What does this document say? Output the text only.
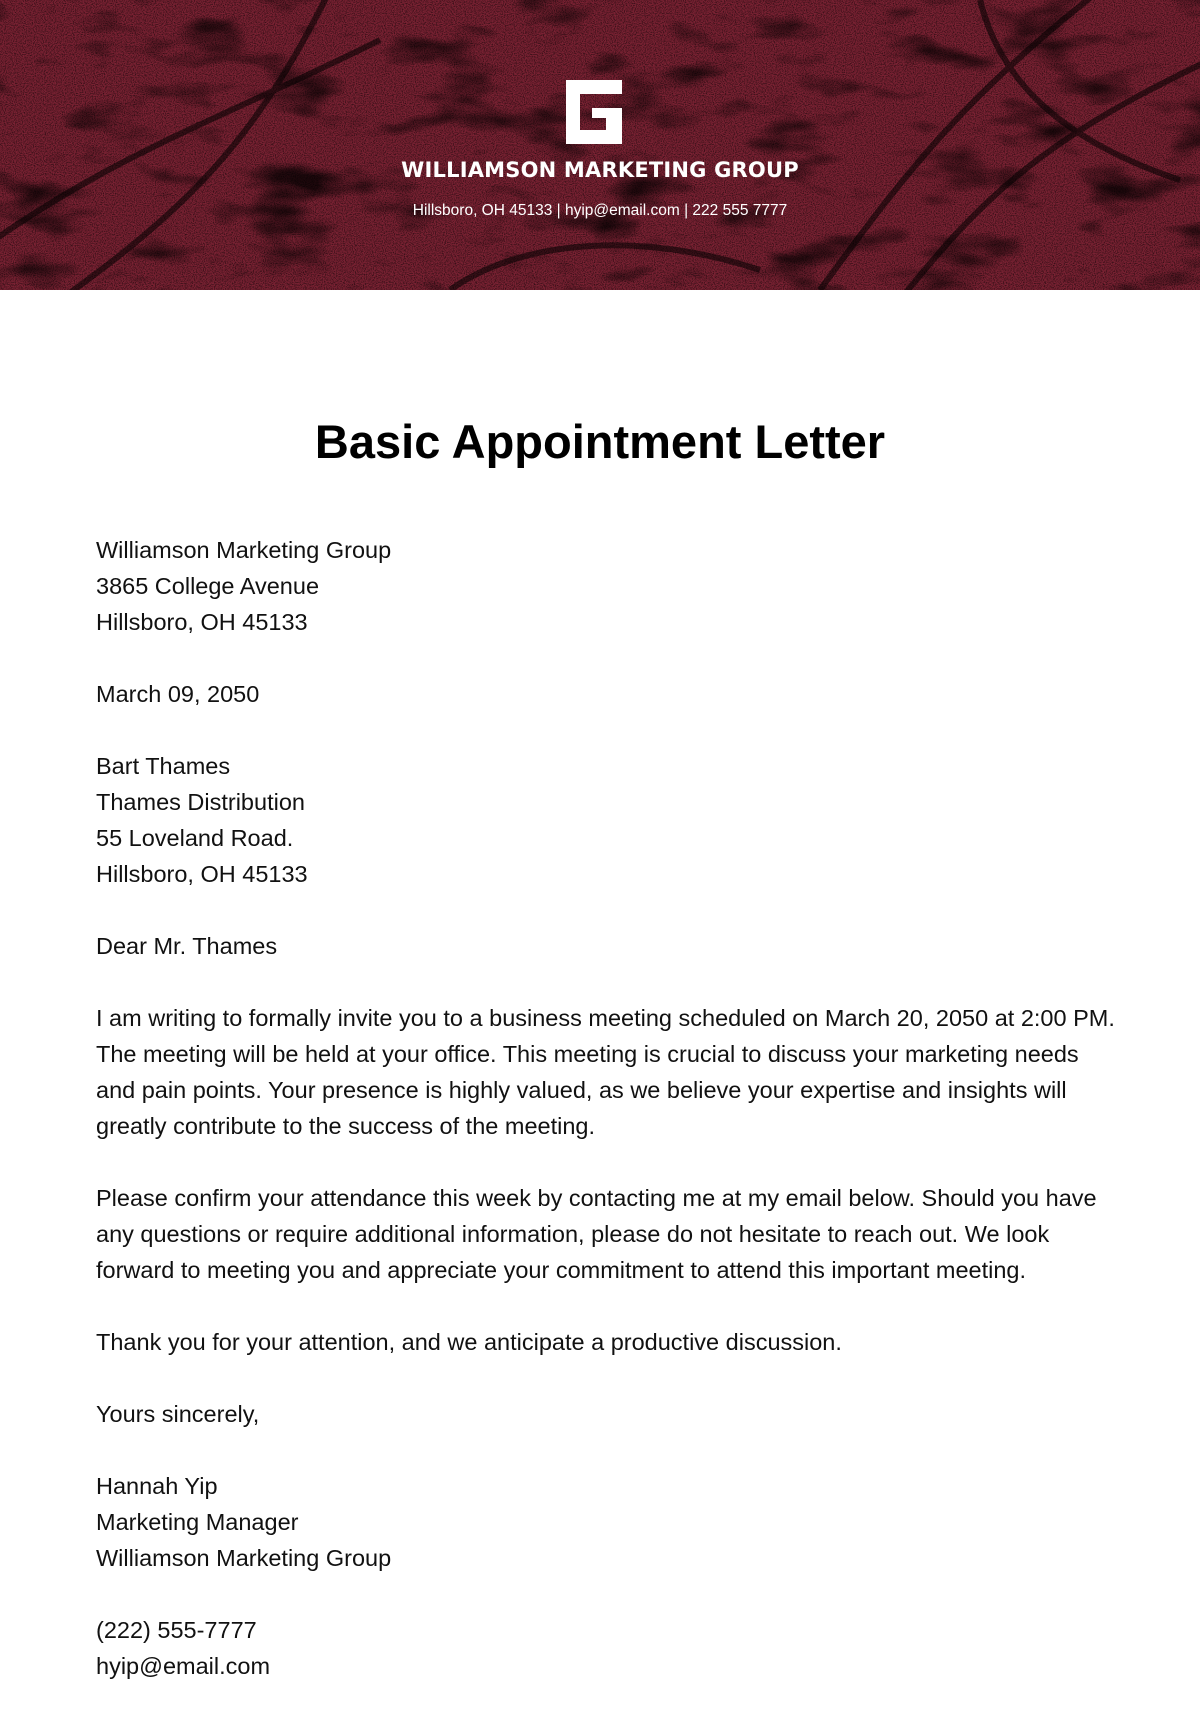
WILLIAMSON MARKETING GROUP
Hillsboro, OH 45133 | hyip@email.com | 222 555 7777
Basic Appointment Letter
Williamson Marketing Group
3865 College Avenue
Hillsboro, OH 45133
March 09, 2050
Bart Thames
Thames Distribution
55 Loveland Road.
Hillsboro, OH 45133
Dear Mr. Thames

I am writing to formally invite you to a business meeting scheduled on March 20, 2050 at 2:00 PM. The meeting will be held at your office. This meeting is crucial to discuss your marketing needs and pain points. Your presence is highly valued, as we believe your expertise and insights will greatly contribute to the success of the meeting.

Please confirm your attendance this week by contacting me at my email below. Should you have any questions or require additional information, please do not hesitate to reach out. We look forward to meeting you and appreciate your commitment to attend this important meeting.

Thank you for your attention, and we anticipate a productive discussion.

Yours sincerely,
Hannah Yip
Marketing Manager
Williamson Marketing Group
(222) 555-7777
hyip@email.com
